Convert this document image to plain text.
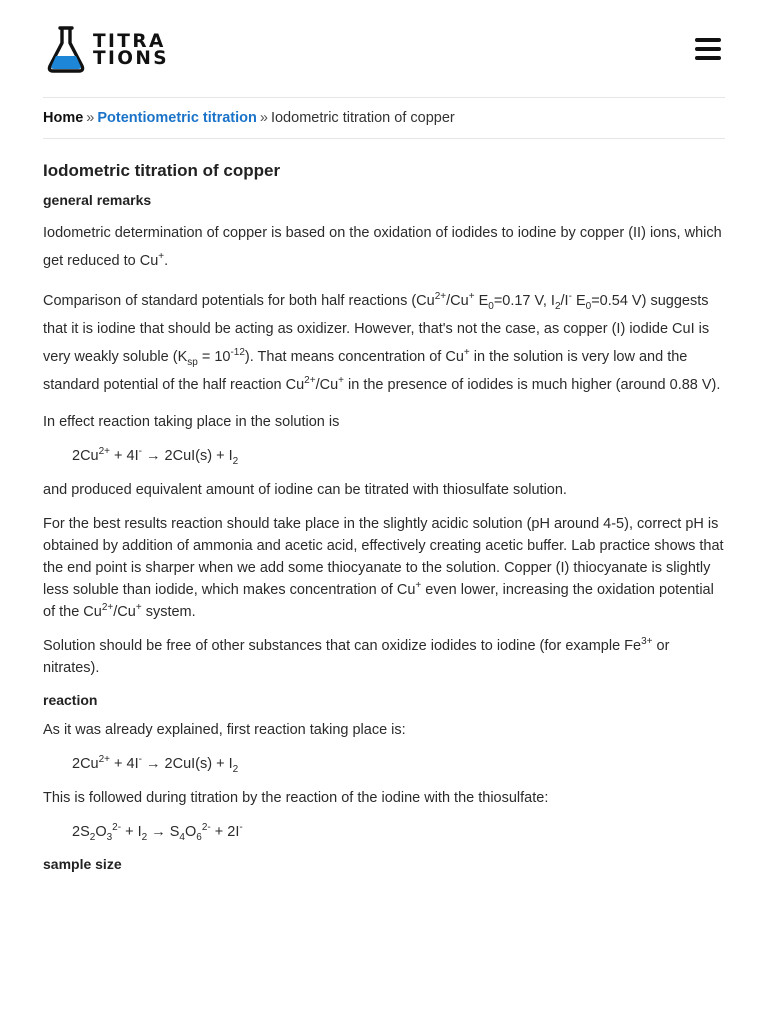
TITRA
TIONS
Home » Potentiometric titration » Iodometric titration of copper
Iodometric titration of copper
general remarks

Iodometric determination of copper is based on the oxidation of iodides to iodine by copper (II) ions, which get reduced to Cu+.

Comparison of standard potentials for both half reactions ($Cu^{2+}/Cu^+$ $E_0=0.17$ V, $I_2/I^-$ $E_0=0.54$ V) suggests that it is iodine that should be acting as oxidizer. However, that's not the case, as copper (I) iodide CuI is very weakly soluble $(K_{sp} = 10^{-12})$. That means concentration of Cu+ in the solution is very low and the standard potential of the half reaction $Cu^{2+}/Cu^+$ in the presence of iodides is much higher (around 0.88 V).

In effect reaction taking place in the solution is

$2Cu^{2+} + 4I^- \to 2CuI(s) + I_2$

and produced equivalent amount of iodine can be titrated with thiosulfate solution.

For the best results reaction should take place in the slightly acidic solution (pH around 4-5), correct pH is obtained by addition of ammonia and acetic acid, effectively creating acetic buffer. Lab practice shows that the end point is sharper when we add some thiocyanate to the solution. Copper (I) thiocyanate is slightly less soluble than iodide, which makes concentration of Cu+ even lower, increasing the oxidation potential of the $Cu^{2+}/Cu^+$ system.

Solution should be free of other substances that can oxidize iodides to iodine (for example $Fe^{3+}$ or nitrates).

reaction

As it was already explained, first reaction taking place is:

$2Cu^{2+} + 4I^- \to 2CuI(s) + I_2$

This is followed during titration by the reaction of the iodine with the thiosulfate:

$2S_2O_3^{2-} + I_2 \to S_4O_6^{2-} + 2I^-$
sample size
